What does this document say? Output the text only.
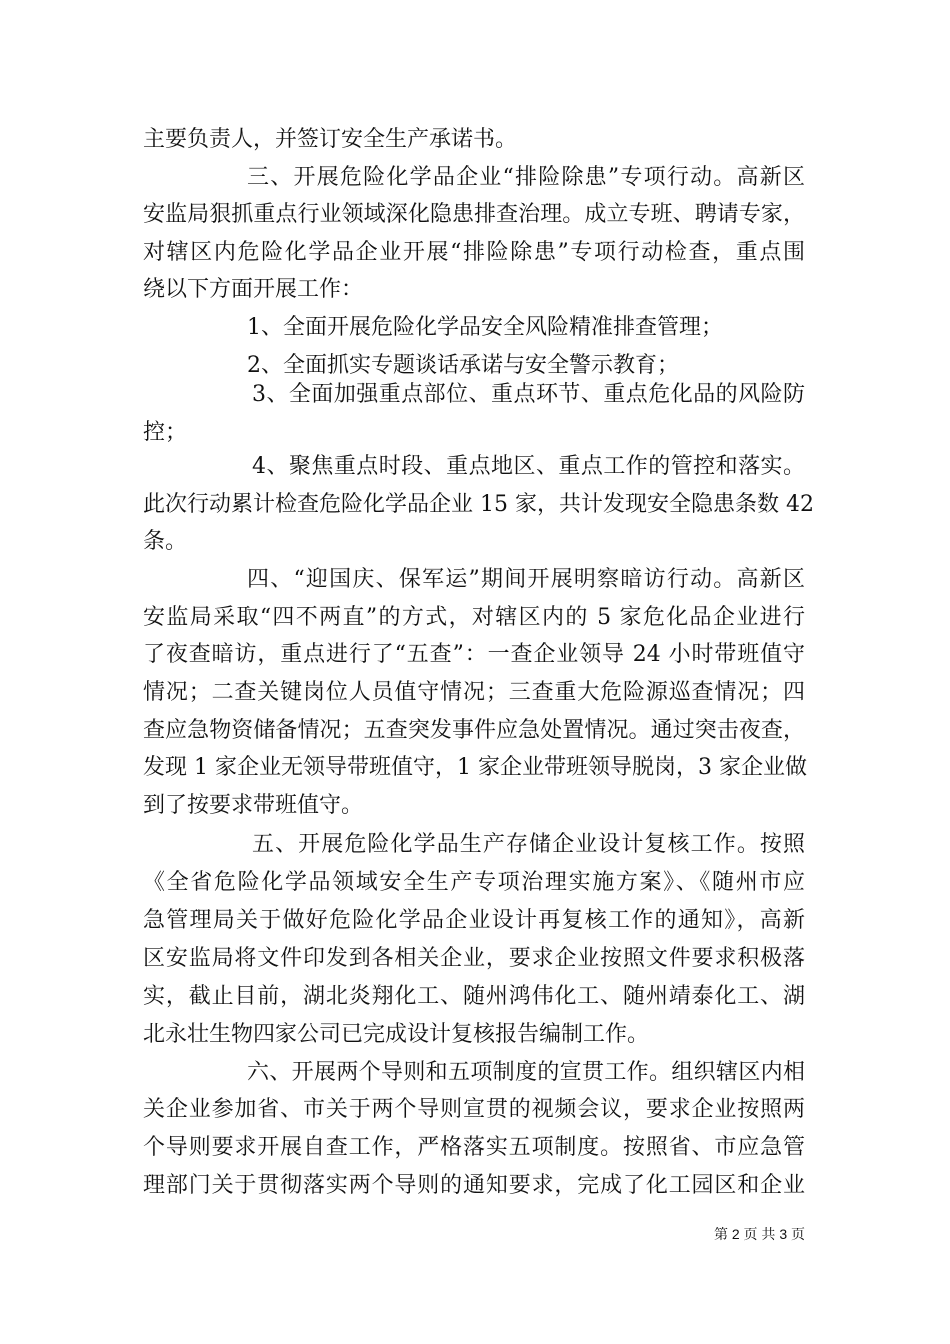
主要负责人，并签订安全生产承诺书。
三、开展危险化学品企业“排险除患”专项行动。高新区
安监局狠抓重点行业领域深化隐患排查治理。成立专班、聘请专家，
对辖区内危险化学品企业开展“排险除患”专项行动检查，重点围
绕以下方面开展工作：
1、全面开展危险化学品安全风险精准排查管理；
2、全面抓实专题谈话承诺与安全警示教育；
3、全面加强重点部位、重点环节、重点危化品的风险防
控；
4、聚焦重点时段、重点地区、重点工作的管控和落实。
此次行动累计检查危险化学品企业 15 家，共计发现安全隐患条数 42
条。
四、“迎国庆、保军运”期间开展明察暗访行动。高新区
安监局采取“四不两直”的方式，对辖区内的 5 家危化品企业进行
了夜查暗访，重点进行了“五查”：一查企业领导 24 小时带班值守
情况；二查关键岗位人员值守情况；三查重大危险源巡查情况；四
查应急物资储备情况；五查突发事件应急处置情况。通过突击夜查，
发现 1 家企业无领导带班值守，1 家企业带班领导脱岗，3 家企业做
到了按要求带班值守。
五、开展危险化学品生产存储企业设计复核工作。按照
《全省危险化学品领域安全生产专项治理实施方案》、《随州市应
急管理局关于做好危险化学品企业设计再复核工作的通知》，高新
区安监局将文件印发到各相关企业，要求企业按照文件要求积极落
实，截止目前，湖北炎翔化工、随州鸿伟化工、随州靖泰化工、湖
北永壮生物四家公司已完成设计复核报告编制工作。
六、开展两个导则和五项制度的宣贯工作。组织辖区内相
关企业参加省、市关于两个导则宣贯的视频会议，要求企业按照两
个导则要求开展自查工作，严格落实五项制度。按照省、市应急管
理部门关于贯彻落实两个导则的通知要求，完成了化工园区和企业
第 2 页 共 3 页
